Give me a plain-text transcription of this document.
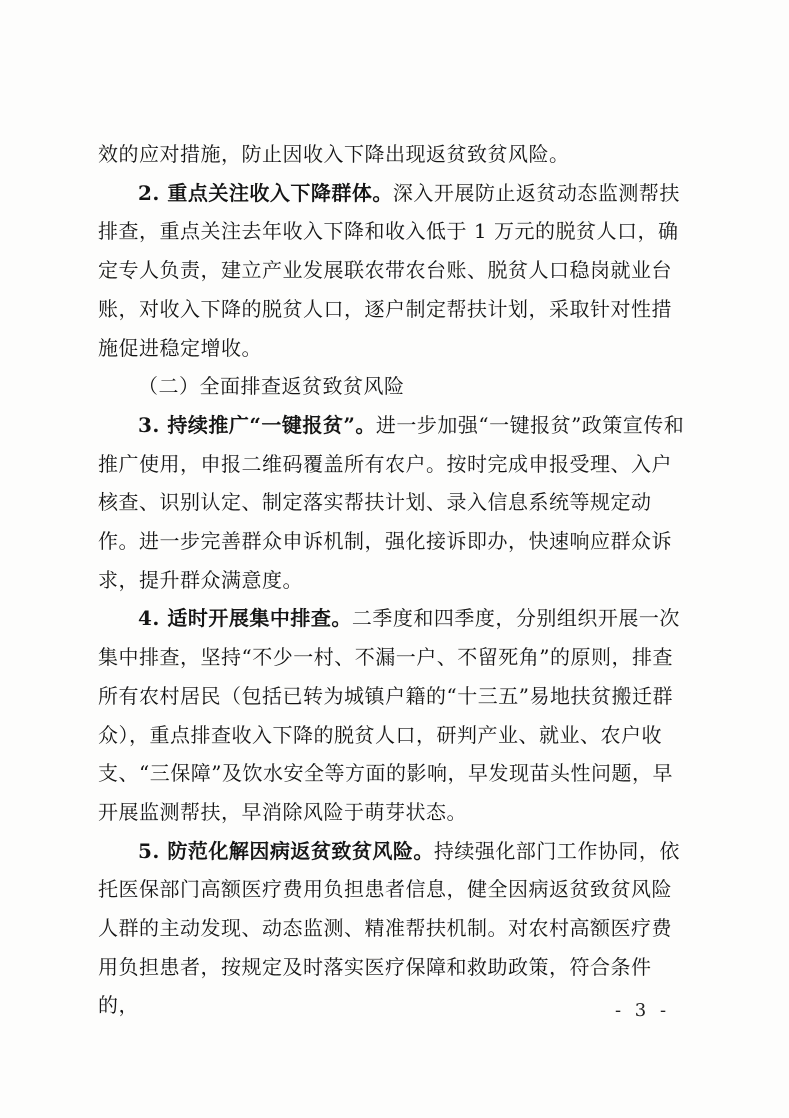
效的应对措施，防止因收入下降出现返贫致贫风险。

2. 重点关注收入下降群体。深入开展防止返贫动态监测帮扶排查，重点关注去年收入下降和收入低于 1 万元的脱贫人口，确定专人负责，建立产业发展联农带农台账、脱贫人口稳岗就业台账，对收入下降的脱贫人口，逐户制定帮扶计划，采取针对性措施促进稳定增收。

（二）全面排查返贫致贫风险

3. 持续推广“一键报贫”。进一步加强“一键报贫”政策宣传和推广使用，申报二维码覆盖所有农户。按时完成申报受理、入户核查、识别认定、制定落实帮扶计划、录入信息系统等规定动作。进一步完善群众申诉机制，强化接诉即办，快速响应群众诉求，提升群众满意度。

4. 适时开展集中排查。二季度和四季度，分别组织开展一次集中排查，坚持“不少一村、不漏一户、不留死角”的原则，排查所有农村居民（包括已转为城镇户籍的“十三五”易地扶贫搬迁群众），重点排查收入下降的脱贫人口，研判产业、就业、农户收支、“三保障”及饮水安全等方面的影响，早发现苗头性问题，早开展监测帮扶，早消除风险于萌芽状态。

5. 防范化解因病返贫致贫风险。持续强化部门工作协同，依托医保部门高额医疗费用负担患者信息，健全因病返贫致贫风险人群的主动发现、动态监测、精准帮扶机制。对农村高额医疗费用负担患者，按规定及时落实医疗保障和救助政策，符合条件的，	- 3 -
